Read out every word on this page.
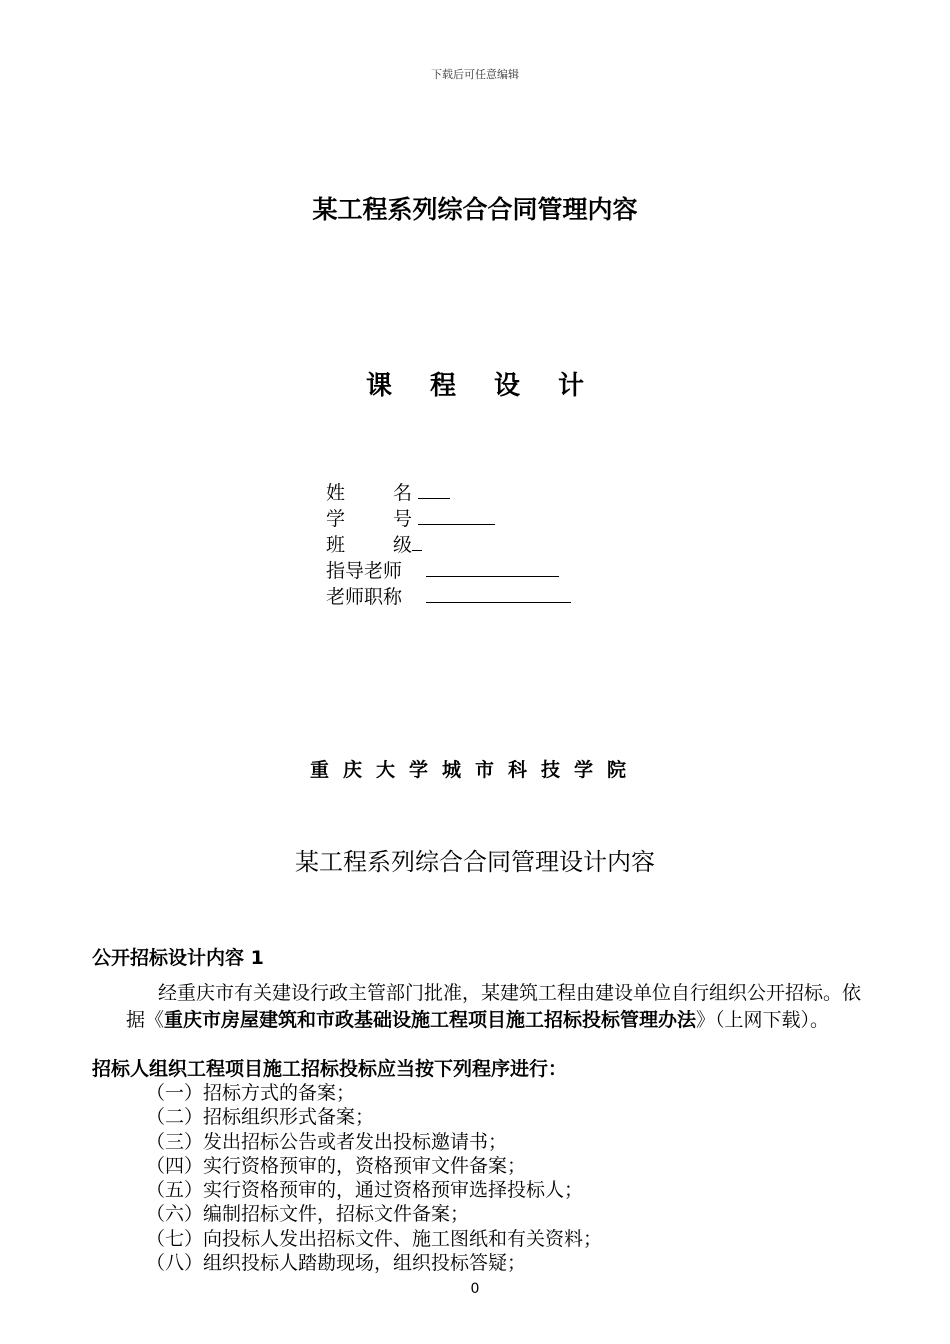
下载后可任意编辑
某工程系列综合合同管理内容
课程设计
姓	名
学	号
班	级
指导老师
老师职称
重庆大学城市科技学院
某工程系列综合合同管理设计内容
公开招标设计内容 1
经重庆市有关建设行政主管部门批准，某建筑工程由建设单位自行组织公开招标。依据《重庆市房屋建筑和市政基础设施工程项目施工招标投标管理办法》（上网下载）。
招标人组织工程项目施工招标投标应当按下列程序进行：
（一）招标方式的备案；
（二）招标组织形式备案；
（三）发出招标公告或者发出投标邀请书；
（四）实行资格预审的，资格预审文件备案；
（五）实行资格预审的，通过资格预审选择投标人；
（六）编制招标文件，招标文件备案；
（七）向投标人发出招标文件、施工图纸和有关资料；
（八）组织投标人踏勘现场，组织投标答疑；
0
